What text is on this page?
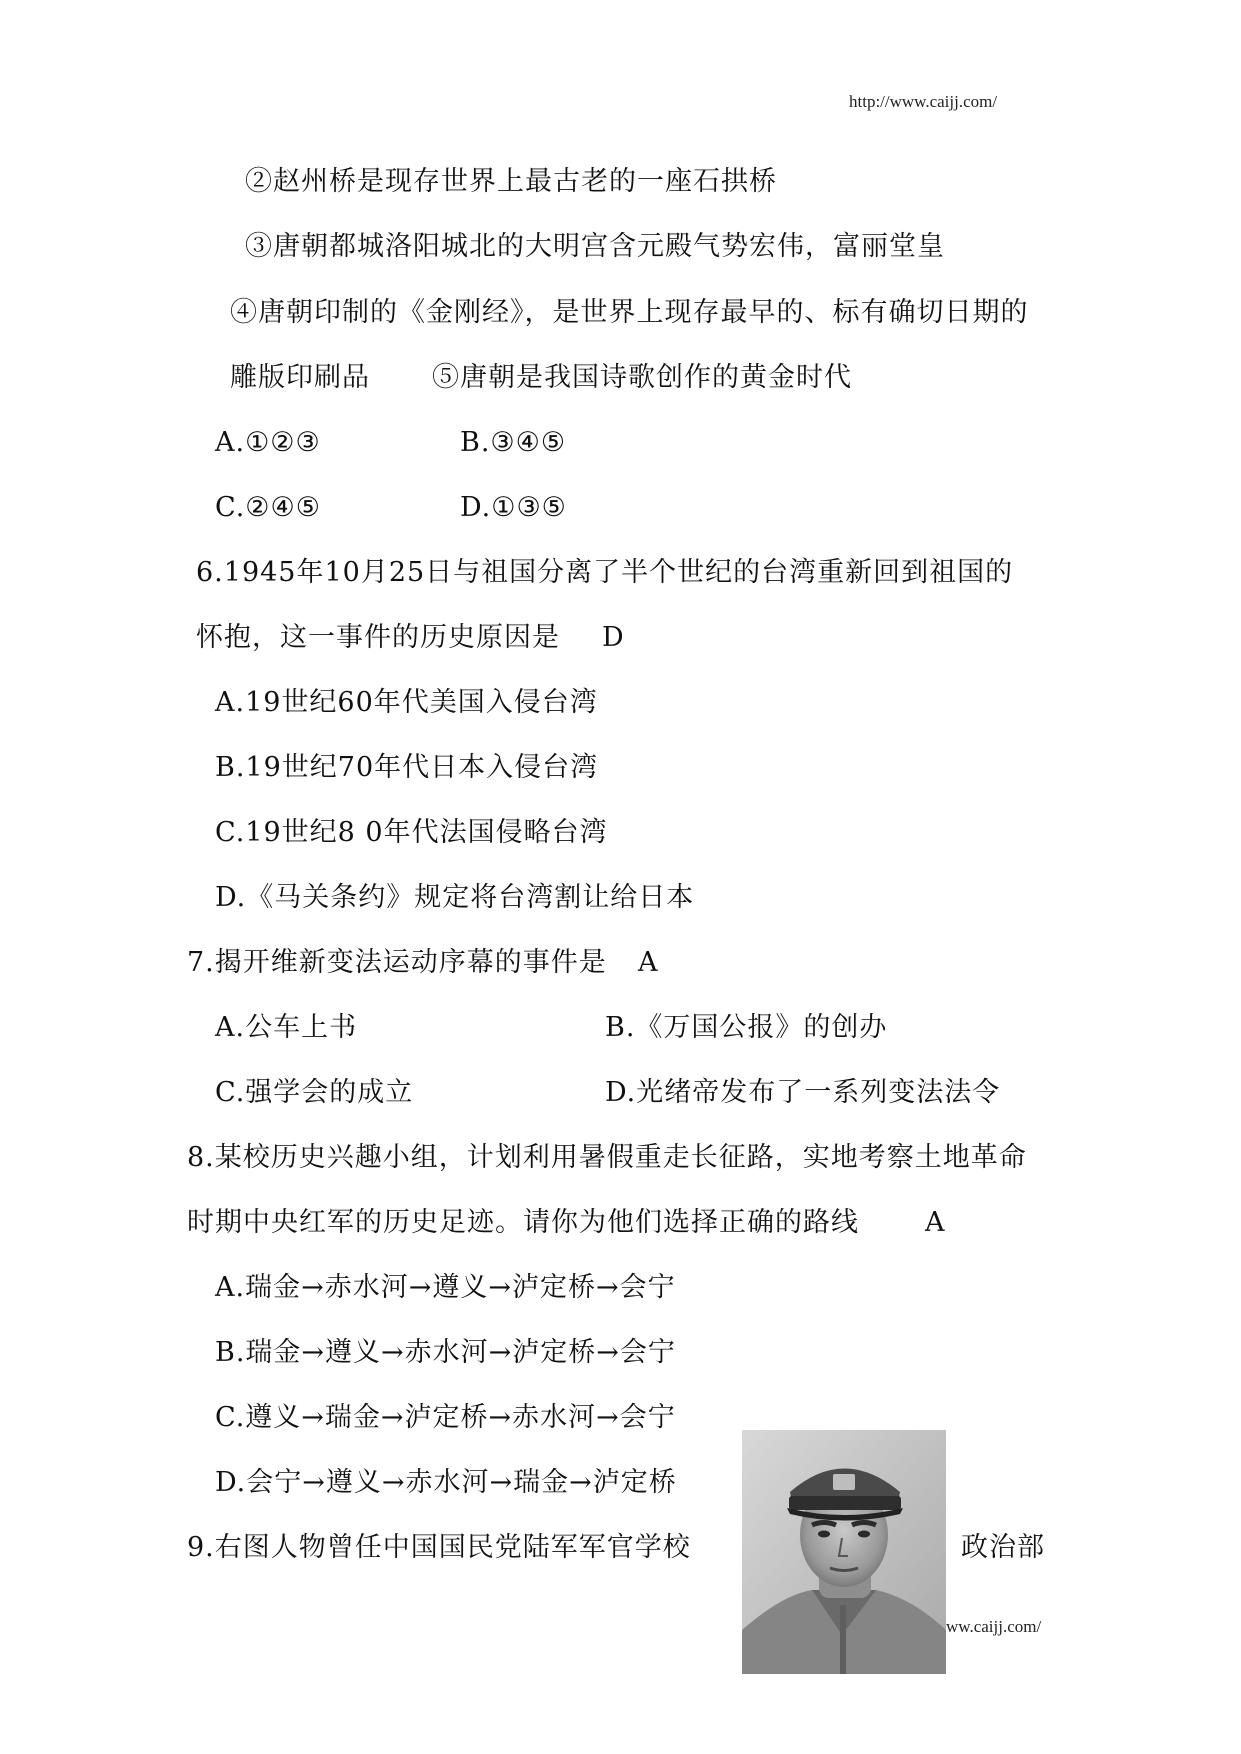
http://www.caijj.com/
②赵州桥是现存世界上最古老的一座石拱桥
③唐朝都城洛阳城北的大明宫含元殿气势宏伟，富丽堂皇
④唐朝印制的《金刚经》，是世界上现存最早的、标有确切日期的
雕版印刷品 ⑤唐朝是我国诗歌创作的黄金时代
A.①②③	B.③④⑤
C.②④⑤	D.①③⑤
6.1945年10月25日与祖国分离了半个世纪的台湾重新回到祖国的
怀抱，这一事件的历史原因是 D
A.19世纪60年代美国入侵台湾
B.19世纪70年代日本入侵台湾
C.19世纪8 0年代法国侵略台湾
D.《马关条约》规定将台湾割让给日本
7.揭开维新变法运动序幕的事件是 A
A.公车上书	B.《万国公报》的创办
C.强学会的成立	D.光绪帝发布了一系列变法法令
8.某校历史兴趣小组，计划利用暑假重走长征路，实地考察土地革命
时期中央红军的历史足迹。请你为他们选择正确的路线 A
A.瑞金→赤水河→遵义→泸定桥→会宁
B.瑞金→遵义→赤水河→泸定桥→会宁
C.遵义→瑞金→泸定桥→赤水河→会宁
D.会宁→遵义→赤水河→瑞金→泸定桥
9.右图人物曾任中国国民党陆军军官学校	政治部
ww.caijj.com/
